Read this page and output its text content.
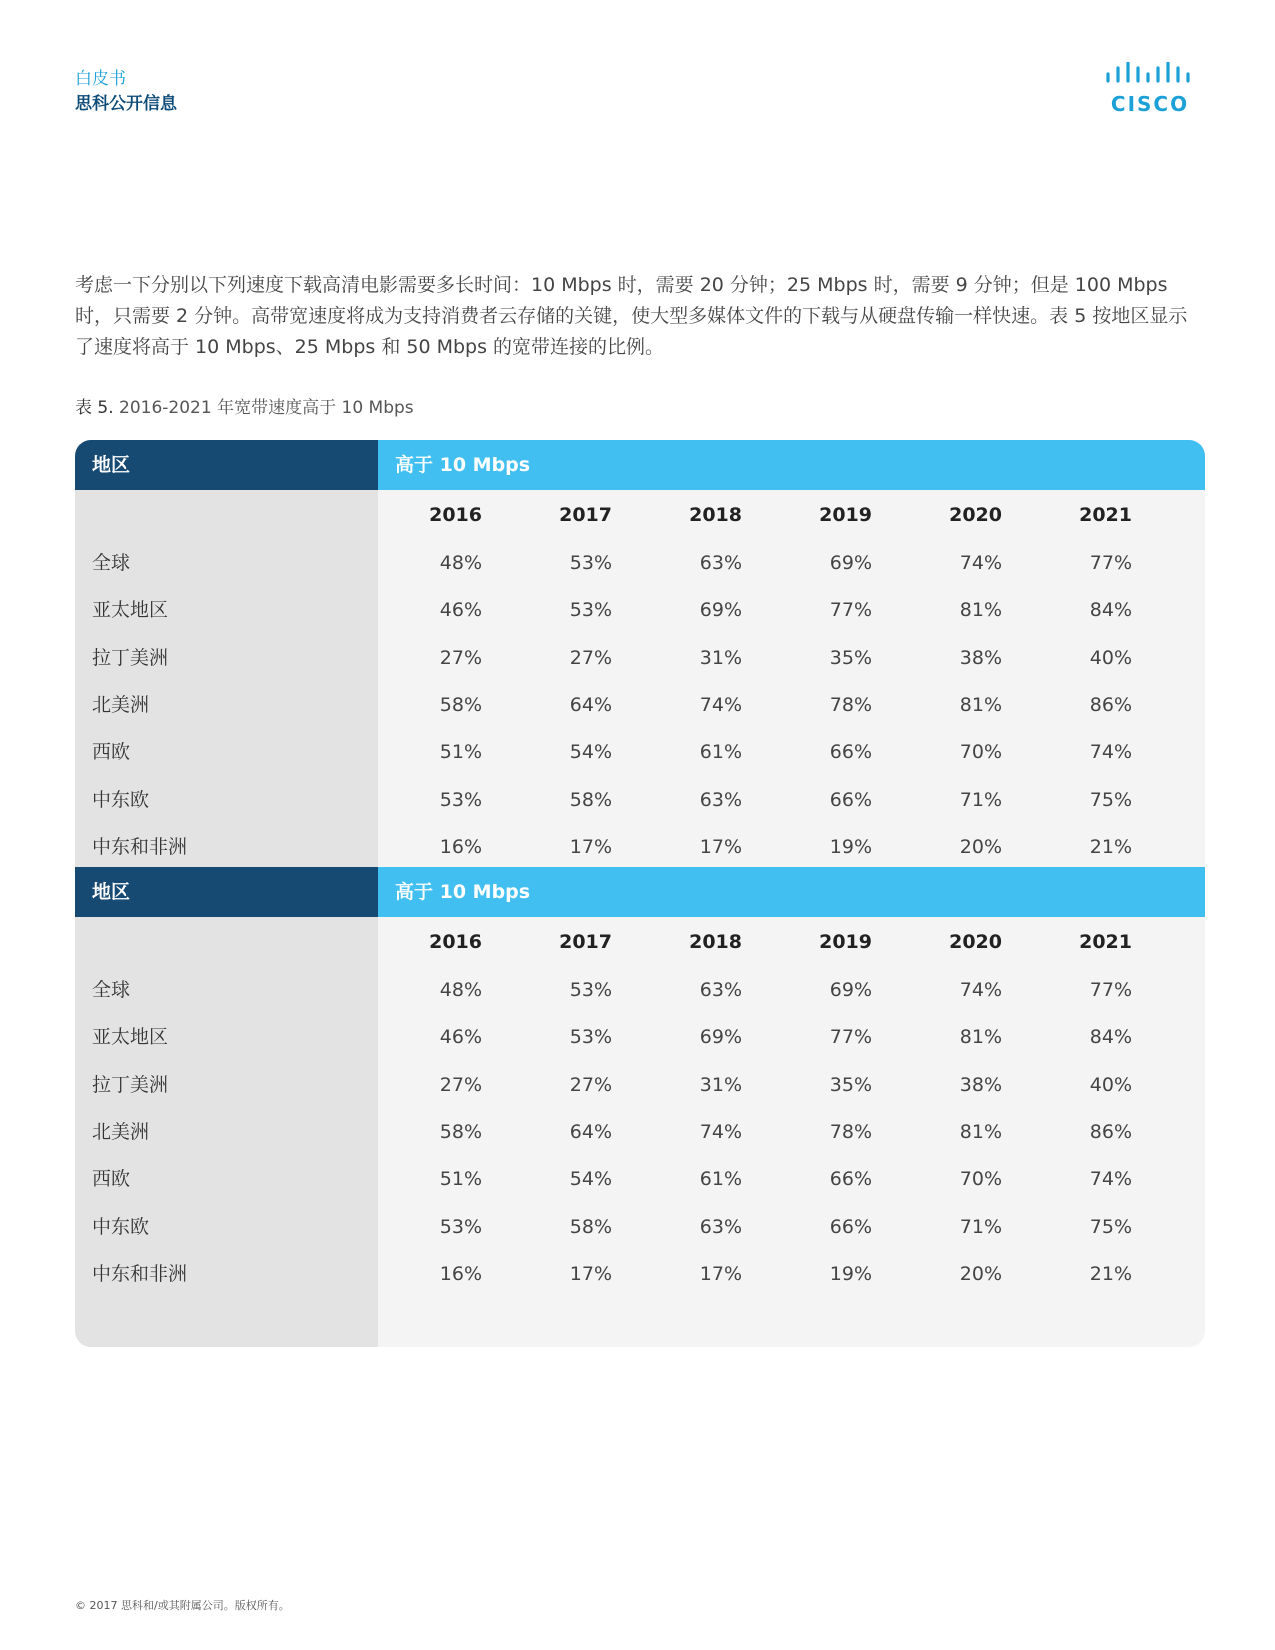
白皮书
思科公开信息	CISCO

考虑一下分别以下列速度下载高清电影需要多长时间：10 Mbps 时，需要 20 分钟；25 Mbps 时，需要 9 分钟；但是 100 Mbps 时，只需要 2 分钟。高带宽速度将成为支持消费者云存储的关键，使大型多媒体文件的下载与从硬盘传输一样快速。表 5 按地区显示了速度将高于 10 Mbps、25 Mbps 和 50 Mbps 的宽带连接的比例。

表 5. 2016-2021 年宽带速度高于 10 Mbps
地区	高于 10 Mbps
2016	2017	2018	2019	2020	2021
全球	48%	53%	63%	69%	74%	77%
亚太地区	46%	53%	69%	77%	81%	84%
拉丁美洲	27%	27%	31%	35%	38%	40%
北美洲	58%	64%	74%	78%	81%	86%
西欧	51%	54%	61%	66%	70%	74%
中东欧	53%	58%	63%	66%	71%	75%
中东和非洲	16%	17%	17%	19%	20%	21%
地区	高于 10 Mbps
2016	2017	2018	2019	2020	2021
全球	48%	53%	63%	69%	74%	77%
亚太地区	46%	53%	69%	77%	81%	84%
拉丁美洲	27%	27%	31%	35%	38%	40%
北美洲	58%	64%	74%	78%	81%	86%
西欧	51%	54%	61%	66%	70%	74%
中东欧	53%	58%	63%	66%	71%	75%
中东和非洲	16%	17%	17%	19%	20%	21%
© 2017 思科和/或其附属公司。版权所有。
